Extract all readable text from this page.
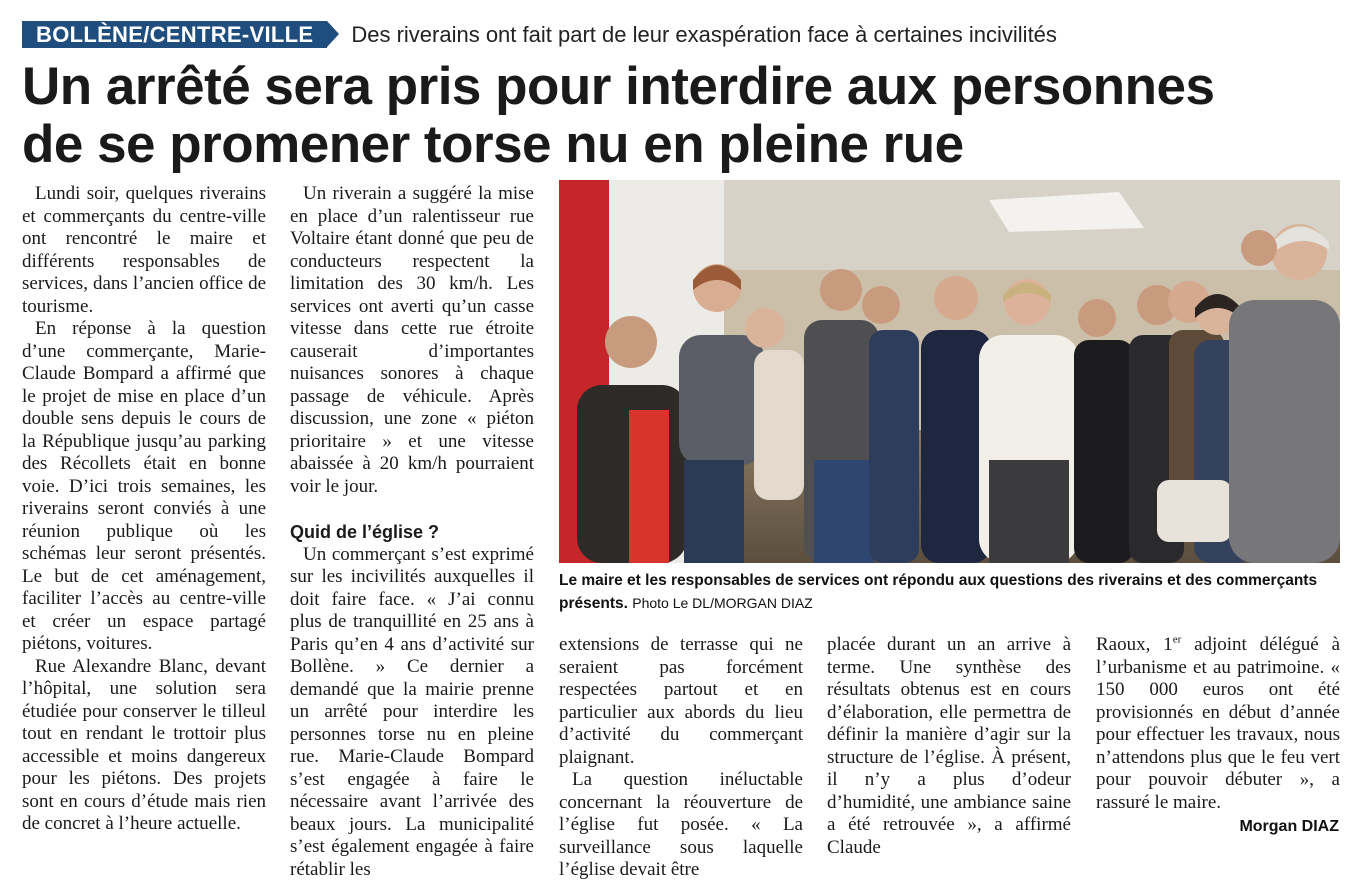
BOLLÈNE/CENTRE-VILLE	Des riverains ont fait part de leur exaspération face à certaines incivilités
Un arrêté sera pris pour interdire aux personnes
de se promener torse nu en pleine rue

Lundi soir, quelques riverains et commerçants du centre-ville ont rencontré le maire et différents responsables de services, dans l’ancien office de tourisme.

En réponse à la question d’une commerçante, Marie-Claude Bompard a affirmé que le projet de mise en place d’un double sens depuis le cours de la République jusqu’au parking des Récollets était en bonne voie. D’ici trois semaines, les riverains seront conviés à une réunion publique où les schémas leur seront présentés. Le but de cet aménagement, faciliter l’accès au centre-ville et créer un espace partagé piétons, voitures.

Rue Alexandre Blanc, devant l’hôpital, une solution sera étudiée pour conserver le tilleul tout en rendant le trottoir plus accessible et moins dangereux pour les piétons. Des projets sont en cours d’étude mais rien de concret à l’heure actuelle.

Un riverain a suggéré la mise en place d’un ralentisseur rue Voltaire étant donné que peu de conducteurs respectent la limitation des 30 km/h. Les services ont averti qu’un casse vitesse dans cette rue étroite causerait d’importantes nuisances sonores à chaque passage de véhicule. Après discussion, une zone « piéton prioritaire » et une vitesse abaissée à 20 km/h pourraient voir le jour.

Quid de l’église ?

Un commerçant s’est exprimé sur les incivilités auxquelles il doit faire face. « J’ai connu plus de tranquillité en 25 ans à Paris qu’en 4 ans d’activité sur Bollène. » Ce dernier a demandé que la mairie prenne un arrêté pour interdire les personnes torse nu en pleine rue. Marie-Claude Bompard s’est engagée à faire le nécessaire avant l’arrivée des beaux jours. La municipalité s’est également engagée à faire rétablir les

Le maire et les responsables de services ont répondu aux questions des riverains et des commerçants présents. Photo Le DL/MORGAN DIAZ

extensions de terrasse qui ne seraient pas forcément respectées partout et en particulier aux abords du lieu d’activité du commerçant plaignant.

La question inéluctable concernant la réouverture de l’église fut posée. « La surveillance sous laquelle l’église devait être

placée durant un an arrive à terme. Une synthèse des résultats obtenus est en cours d’élaboration, elle permettra de définir la manière d’agir sur la structure de l’église. À présent, il n’y a plus d’odeur d’humidité, une ambiance saine a été retrouvée », a affirmé Claude

Raoux, 1er adjoint délégué à l’urbanisme et au patrimoine. « 150 000 euros ont été provisionnés en début d’année pour effectuer les travaux, nous n’attendons plus que le feu vert pour pouvoir débuter », a rassuré le maire.

Morgan DIAZ
